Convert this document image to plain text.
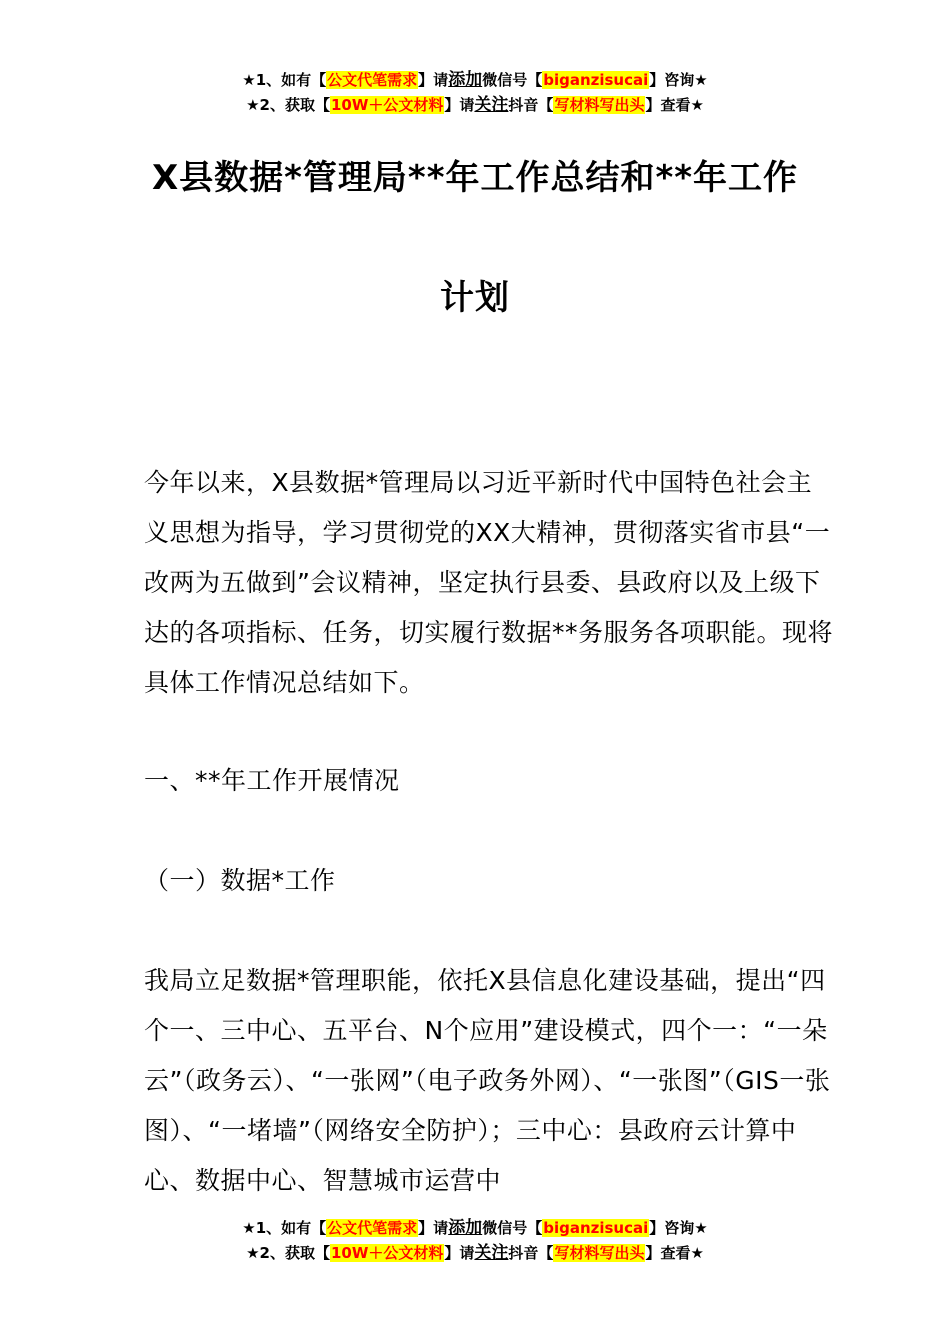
★1、如有【公文代笔需求】请添加微信号【biganzisucai】咨询★
★2、获取【10W＋公文材料】请关注抖音【写材料写出头】查看★
X县数据*管理局**年工作总结和**年工作
计划
今年以来，X县数据*管理局以习近平新时代中国特色社会主义思想为指导，学习贯彻党的XX大精神，贯彻落实省市县“一改两为五做到”会议精神，坚定执行县委、县政府以及上级下达的各项指标、任务，切实履行数据**务服务各项职能。现将具体工作情况总结如下。
一、**年工作开展情况
（一）数据*工作
我局立足数据*管理职能，依托X县信息化建设基础，提出“四个一、三中心、五平台、N个应用”建设模式，四个一：“一朵云”（政务云）、“一张网”（电子政务外网）、“一张图”（GIS一张图）、“一堵墙”（网络安全防护）；三中心：县政府云计算中心、数据中心、智慧城市运营中
★1、如有【公文代笔需求】请添加微信号【biganzisucai】咨询★
★2、获取【10W＋公文材料】请关注抖音【写材料写出头】查看★
